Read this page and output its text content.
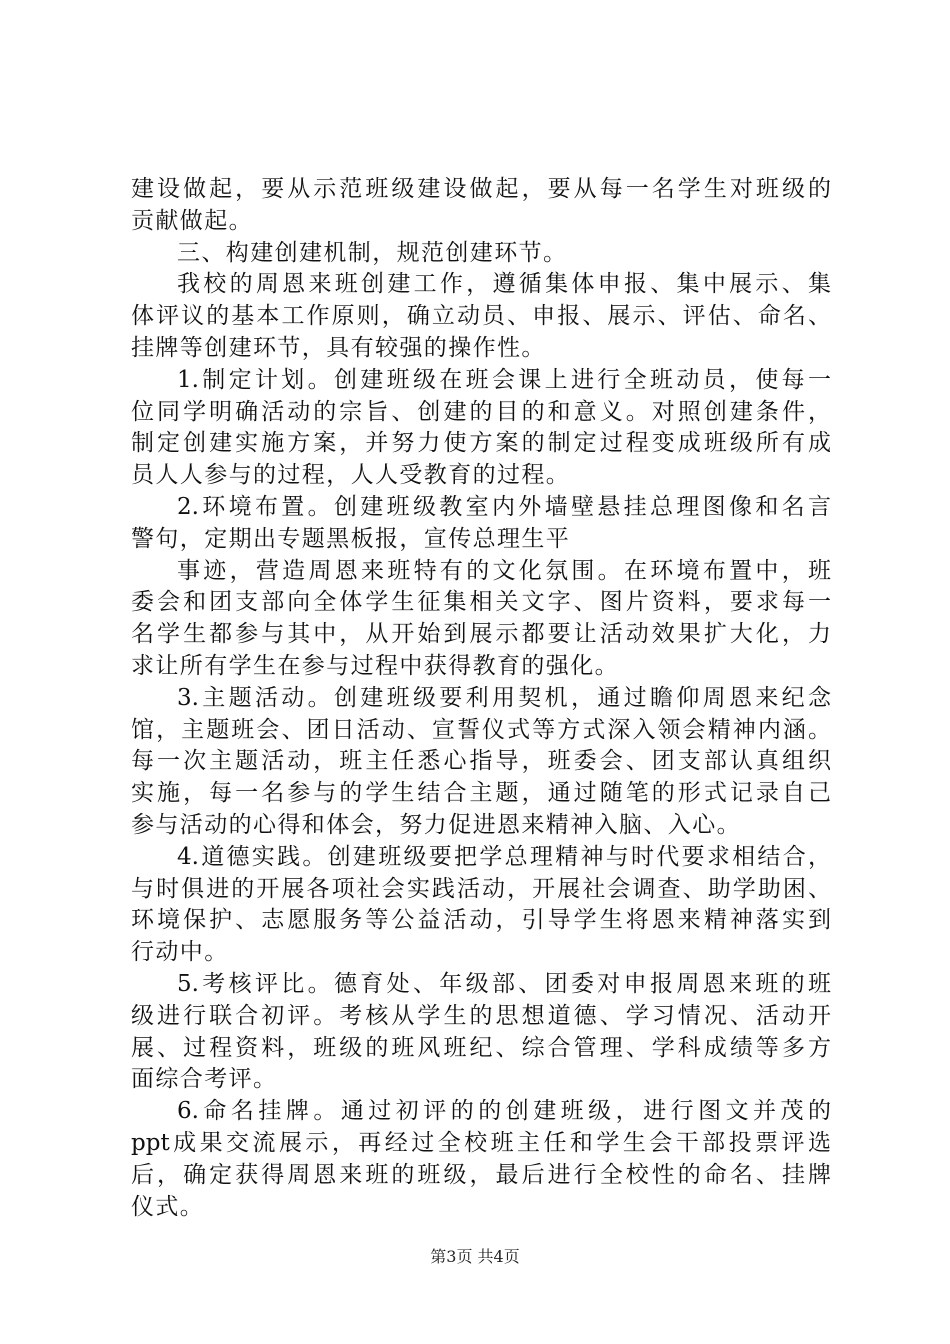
建设做起，要从示范班级建设做起，要从每一名学生对班级的
贡献做起。
三、构建创建机制，规范创建环节。
我校的周恩来班创建工作，遵循集体申报、集中展示、集
体评议的基本工作原则，确立动员、申报、展示、评估、命名、
挂牌等创建环节，具有较强的操作性。
1.制定计划。创建班级在班会课上进行全班动员，使每一
位同学明确活动的宗旨、创建的目的和意义。对照创建条件，
制定创建实施方案，并努力使方案的制定过程变成班级所有成
员人人参与的过程，人人受教育的过程。
2.环境布置。创建班级教室内外墙壁悬挂总理图像和名言
警句，定期出专题黑板报，宣传总理生平
事迹，营造周恩来班特有的文化氛围。在环境布置中，班
委会和团支部向全体学生征集相关文字、图片资料，要求每一
名学生都参与其中，从开始到展示都要让活动效果扩大化，力
求让所有学生在参与过程中获得教育的强化。
3.主题活动。创建班级要利用契机，通过瞻仰周恩来纪念
馆，主题班会、团日活动、宣誓仪式等方式深入领会精神内涵。
每一次主题活动，班主任悉心指导，班委会、团支部认真组织
实施，每一名参与的学生结合主题，通过随笔的形式记录自己
参与活动的心得和体会，努力促进恩来精神入脑、入心。
4.道德实践。创建班级要把学总理精神与时代要求相结合，
与时俱进的开展各项社会实践活动，开展社会调查、助学助困、
环境保护、志愿服务等公益活动，引导学生将恩来精神落实到
行动中。
5.考核评比。德育处、年级部、团委对申报周恩来班的班
级进行联合初评。考核从学生的思想道德、学习情况、活动开
展、过程资料，班级的班风班纪、综合管理、学科成绩等多方
面综合考评。
6.命名挂牌。通过初评的的创建班级，进行图文并茂的
ppt成果交流展示，再经过全校班主任和学生会干部投票评选
后，确定获得周恩来班的班级，最后进行全校性的命名、挂牌
仪式。
第3页 共4页
